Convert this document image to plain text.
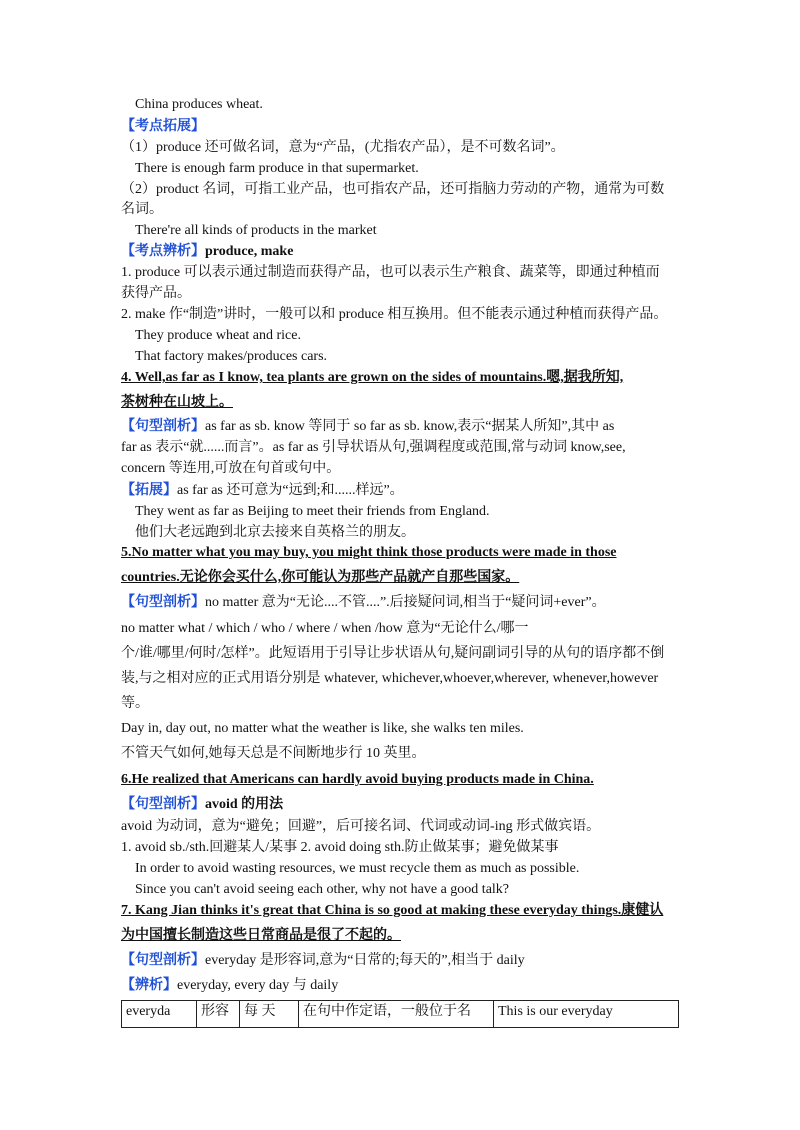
China produces wheat.
【考点拓展】
（1）produce 还可做名词，意为“产品，(尤指农产品），是不可数名词”。
There is enough farm produce in that supermarket.
（2）product 名词，可指工业产品，也可指农产品，还可指脑力劳动的产物，通常为可数
名词。
There're all kinds of products in the market
【考点辨析】produce, make
1. produce 可以表示通过制造而获得产品，也可以表示生产粮食、蔬菜等，即通过种植而
获得产品。
2. make 作“制造”讲时，一般可以和 produce 相互换用。但不能表示通过种植而获得产品。
They produce wheat and rice.
That factory makes/produces cars.
4. Well,as far as I know, tea plants are grown on the sides of mountains.嗯,据我所知,
茶树种在山坡上。
【句型剖析】as far as sb. know 等同于 so far as sb. know,表示“据某人所知”,其中 as
far as 表示“就......而言”。as far as 引导状语从句,强调程度或范围,常与动词 know,see,
concern 等连用,可放在句首或句中。
【拓展】as far as 还可意为“远到;和......样远”。
They went as far as Beijing to meet their friends from England.
他们大老远跑到北京去接来自英格兰的朋友。
5.No matter what you may buy, you might think those products were made in those
countries.无论你会买什么,你可能认为那些产品就产自那些国家。
【句型剖析】no matter 意为“无论....不管....”.后接疑问词,相当于“疑问词+ever”。
no matter what / which / who / where / when /how 意为“无论什么/哪一
个/谁/哪里/何时/怎样”。此短语用于引导让步状语从句,疑问副词引导的从句的语序都不倒
装,与之相对应的正式用语分别是 whatever, whichever,whoever,wherever, whenever,however
等。
Day in, day out, no matter what the weather is like, she walks ten miles.
不管天气如何,她每天总是不间断地步行 10 英里。
6.He realized that Americans can hardly avoid buying products made in China.
【句型剖析】avoid 的用法
avoid 为动词，意为“避免；回避”，后可接名词、代词或动词-ing 形式做宾语。
1. avoid sb./sth.回避某人/某事 2. avoid doing sth.防止做某事；避免做某事
In order to avoid wasting resources, we must recycle them as much as possible.
Since you can't avoid seeing each other, why not have a good talk?
7. Kang Jian thinks it's great that China is so good at making these everyday things.康健认
为中国擅长制造这些日常商品是很了不起的。
【句型剖析】everyday 是形容词,意为“日常的;每天的”,相当于 daily
【辨析】everyday, every day 与 daily
everyda	形容	每 天	在句中作定语，一般位于名	This is our everyday
